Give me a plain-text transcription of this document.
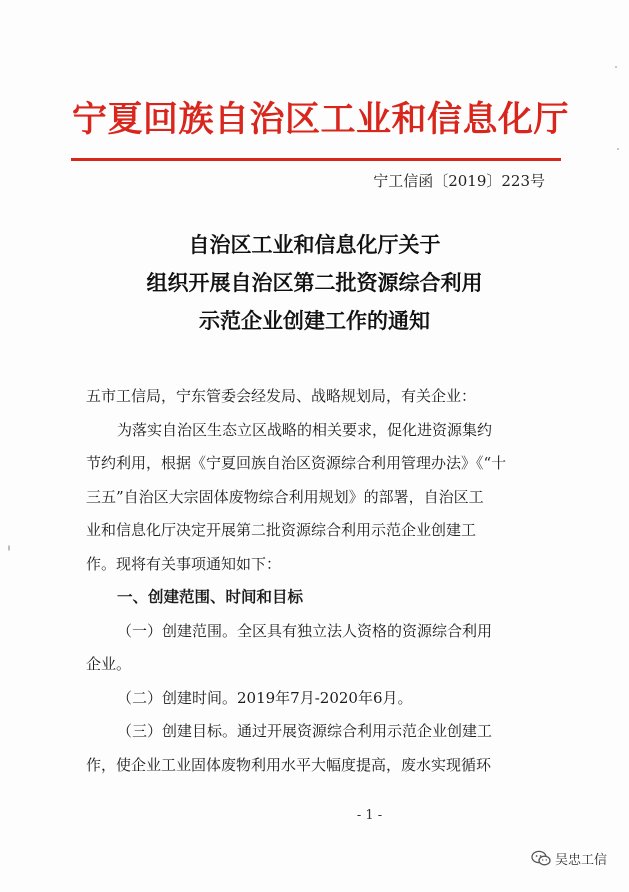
宁夏回族自治区工业和信息化厅
宁工信函〔2019〕223号
自治区工业和信息化厅关于
组织开展自治区第二批资源综合利用
示范企业创建工作的通知

五市工信局，宁东管委会经发局、战略规划局，有关企业：

为落实自治区生态立区战略的相关要求，促化进资源集约

节约利用，根据《宁夏回族自治区资源综合利用管理办法》《“十

三五”自治区大宗固体废物综合利用规划》的部署，自治区工

业和信息化厅决定开展第二批资源综合利用示范企业创建工

作。现将有关事项通知如下：

一、创建范围、时间和目标

（一）创建范围。全区具有独立法人资格的资源综合利用

企业。

（二）创建时间。2019年7月-2020年6月。

（三）创建目标。通过开展资源综合利用示范企业创建工

作，使企业工业固体废物利用水平大幅度提高，废水实现循环

- 1 -
吴忠工信
